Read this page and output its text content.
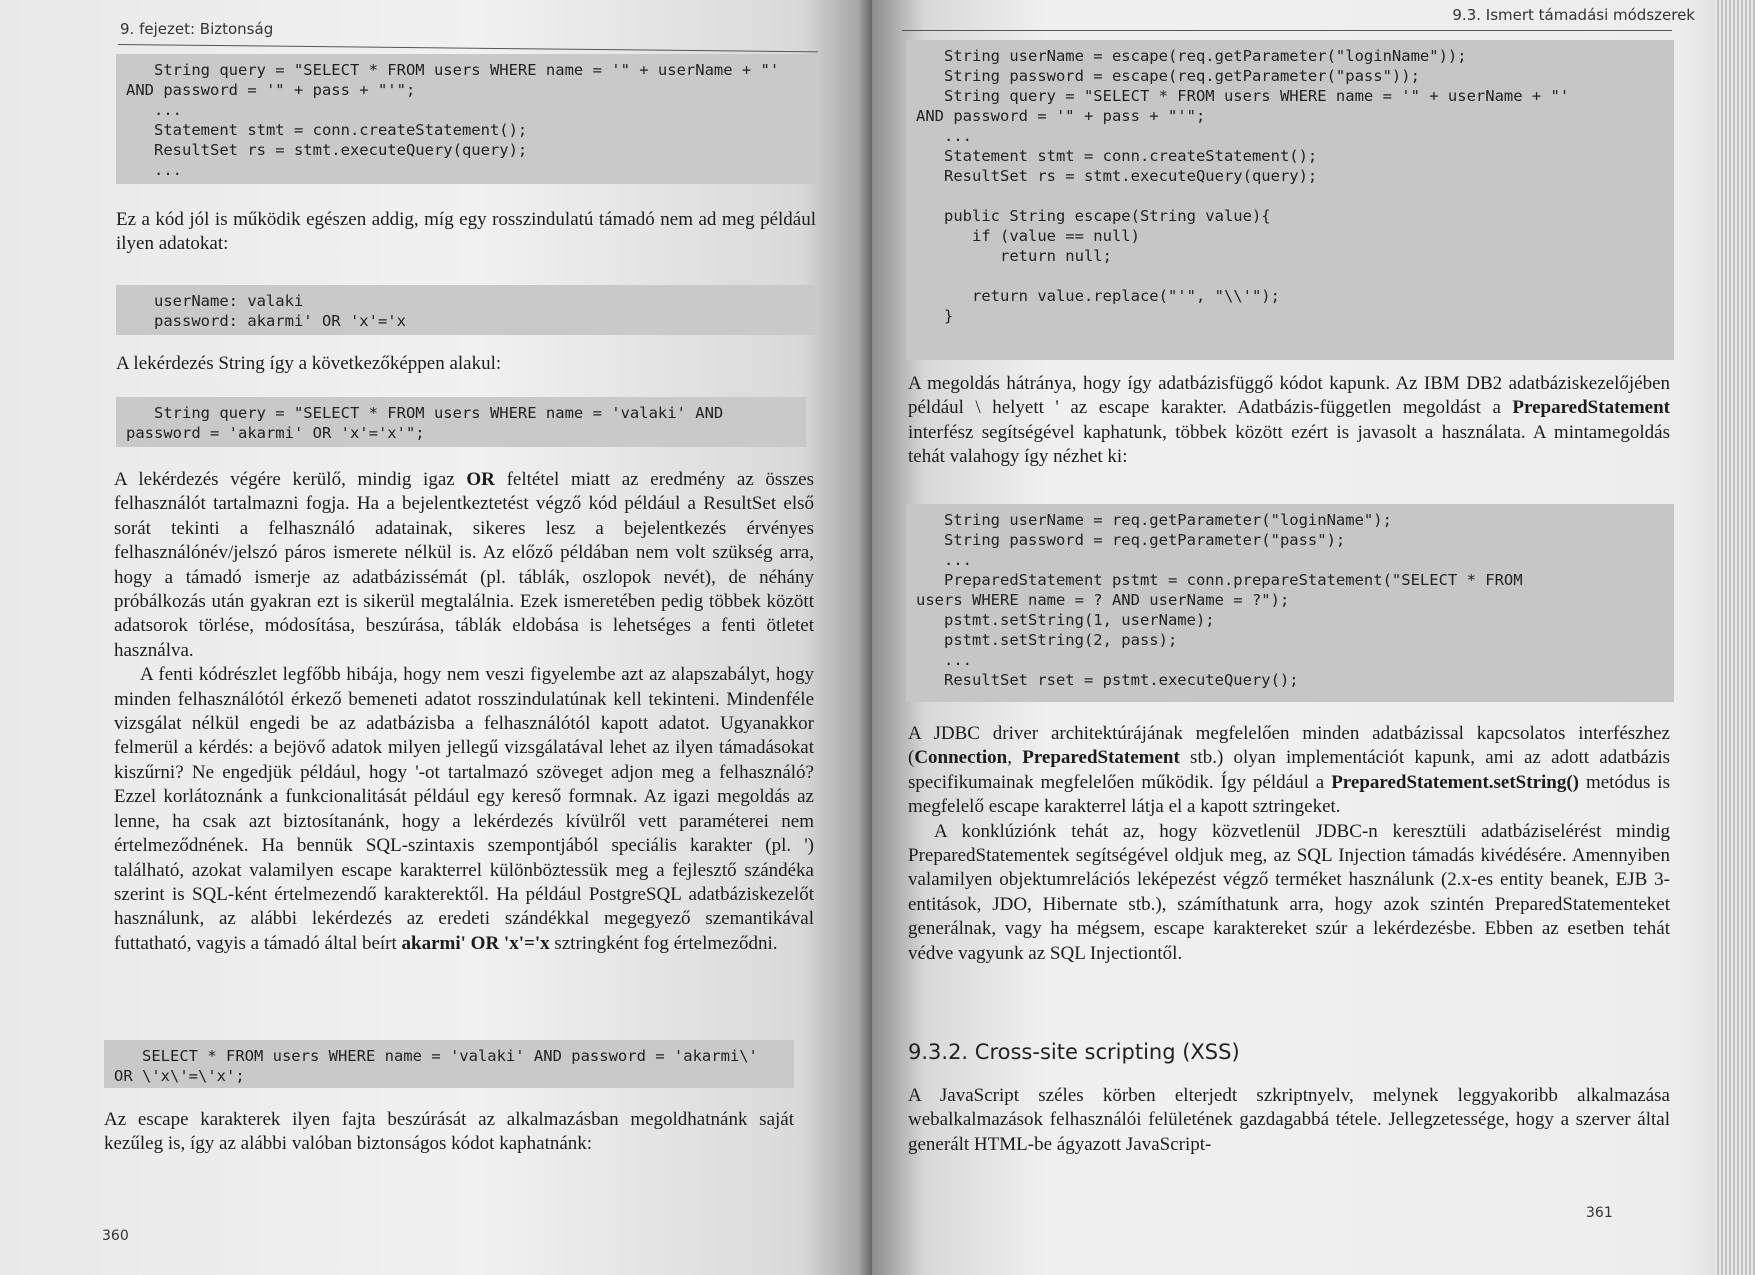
9. fejezet: Biztonság
String query = "SELECT * FROM users WHERE name = '" + userName + "'
AND password = '" + pass + "'";
...
Statement stmt = conn.createStatement();
ResultSet rs = stmt.executeQuery(query);
...

Ez a kód jól is működik egészen addig, míg egy rosszindulatú támadó nem ad meg például ilyen adatokat:

userName: valaki
password: akarmi' OR 'x'='x

A lekérdezés String így a következőképpen alakul:

String query = "SELECT * FROM users WHERE name = 'valaki' AND
password = 'akarmi' OR 'x'='x'";

A lekérdezés végére kerülő, mindig igaz OR feltétel miatt az eredmény az összes felhasználót tartalmazni fogja. Ha a bejelentkeztetést végző kód például a ResultSet első sorát tekinti a felhasználó adatainak, sikeres lesz a bejelentkezés érvényes felhasználónév/jelszó páros ismerete nélkül is. Az előző példában nem volt szükség arra, hogy a támadó ismerje az adatbázissémát (pl. táblák, oszlopok nevét), de néhány próbálkozás után gyakran ezt is sikerül megtalálnia. Ezek ismeretében pedig többek között adatsorok törlése, módosítása, beszúrása, táblák eldobása is lehetséges a fenti ötletet használva.

A fenti kódrészlet legfőbb hibája, hogy nem veszi figyelembe azt az alapszabályt, hogy minden felhasználótól érkező bemeneti adatot rosszindulatúnak kell tekinteni. Mindenféle vizsgálat nélkül engedi be az adatbázisba a felhasználótól kapott adatot. Ugyanakkor felmerül a kérdés: a bejövő adatok milyen jellegű vizsgálatával lehet az ilyen támadásokat kiszűrni? Ne engedjük például, hogy '-ot tartalmazó szöveget adjon meg a felhasználó? Ezzel korlátoznánk a funkcionalitását például egy kereső formnak. Az igazi megoldás az lenne, ha csak azt biztosítanánk, hogy a lekérdezés kívülről vett paraméterei nem értelmeződnének. Ha bennük SQL-szintaxis szempontjából speciális karakter (pl. ') található, azokat valamilyen escape karakterrel különböztessük meg a fejlesztő szándéka szerint is SQL-ként értelmezendő karakterektől. Ha például PostgreSQL adatbáziskezelőt használunk, az alábbi lekérdezés az eredeti szándékkal megegyező szemantikával futtatható, vagyis a támadó által beírt akarmi' OR 'x'='x sztringként fog értelmeződni.

SELECT * FROM users WHERE name = 'valaki' AND password = 'akarmi\'
OR \'x\'=\'x';

Az escape karakterek ilyen fajta beszúrását az alkalmazásban megoldhatnánk saját kezűleg is, így az alábbi valóban biztonságos kódot kaphatnánk:

360
9.3. Ismert támadási módszerek
String userName = escape(req.getParameter("loginName"));
String password = escape(req.getParameter("pass"));
String query = "SELECT * FROM users WHERE name = '" + userName + "'
AND password = '" + pass + "'";
...
Statement stmt = conn.createStatement();
ResultSet rs = stmt.executeQuery(query);

public String escape(String value){
if (value == null)
return null;

return value.replace("'", "\\'");
}

A megoldás hátránya, hogy így adatbázisfüggő kódot kapunk. Az IBM DB2 adatbáziskezelőjében például \ helyett ' az escape karakter. Adatbázis-független megoldást a PreparedStatement interfész segítségével kaphatunk, többek között ezért is javasolt a használata. A mintamegoldás tehát valahogy így nézhet ki:

String userName = req.getParameter("loginName");
String password = req.getParameter("pass");
...
PreparedStatement pstmt = conn.prepareStatement("SELECT * FROM
users WHERE name = ? AND userName = ?");
pstmt.setString(1, userName);
pstmt.setString(2, pass);
...
ResultSet rset = pstmt.executeQuery();

A JDBC driver architektúrájának megfelelően minden adatbázissal kapcsolatos interfészhez (Connection, PreparedStatement stb.) olyan implementációt kapunk, ami az adott adatbázis specifikumainak megfelelően működik. Így például a PreparedStatement.setString() metódus is megfelelő escape karakterrel látja el a kapott sztringeket.

A konklúziónk tehát az, hogy közvetlenül JDBC-n keresztüli adatbáziselérést mindig PreparedStatementek segítségével oldjuk meg, az SQL Injection támadás kivédésére. Amennyiben valamilyen objektumrelációs leképezést végző terméket használunk (2.x-es entity beanek, EJB 3-entitások, JDO, Hibernate stb.), számíthatunk arra, hogy azok szintén PreparedStatementeket generálnak, vagy ha mégsem, escape karaktereket szúr a lekérdezésbe. Ebben az esetben tehát védve vagyunk az SQL Injectiontől.

9.3.2. Cross-site scripting (XSS)

A JavaScript széles körben elterjedt szkriptnyelv, melynek leggyakoribb alkalmazása webalkalmazások felhasználói felületének gazdagabbá tétele. Jellegzetessége, hogy a szerver által generált HTML-be ágyazott JavaScript-

361
